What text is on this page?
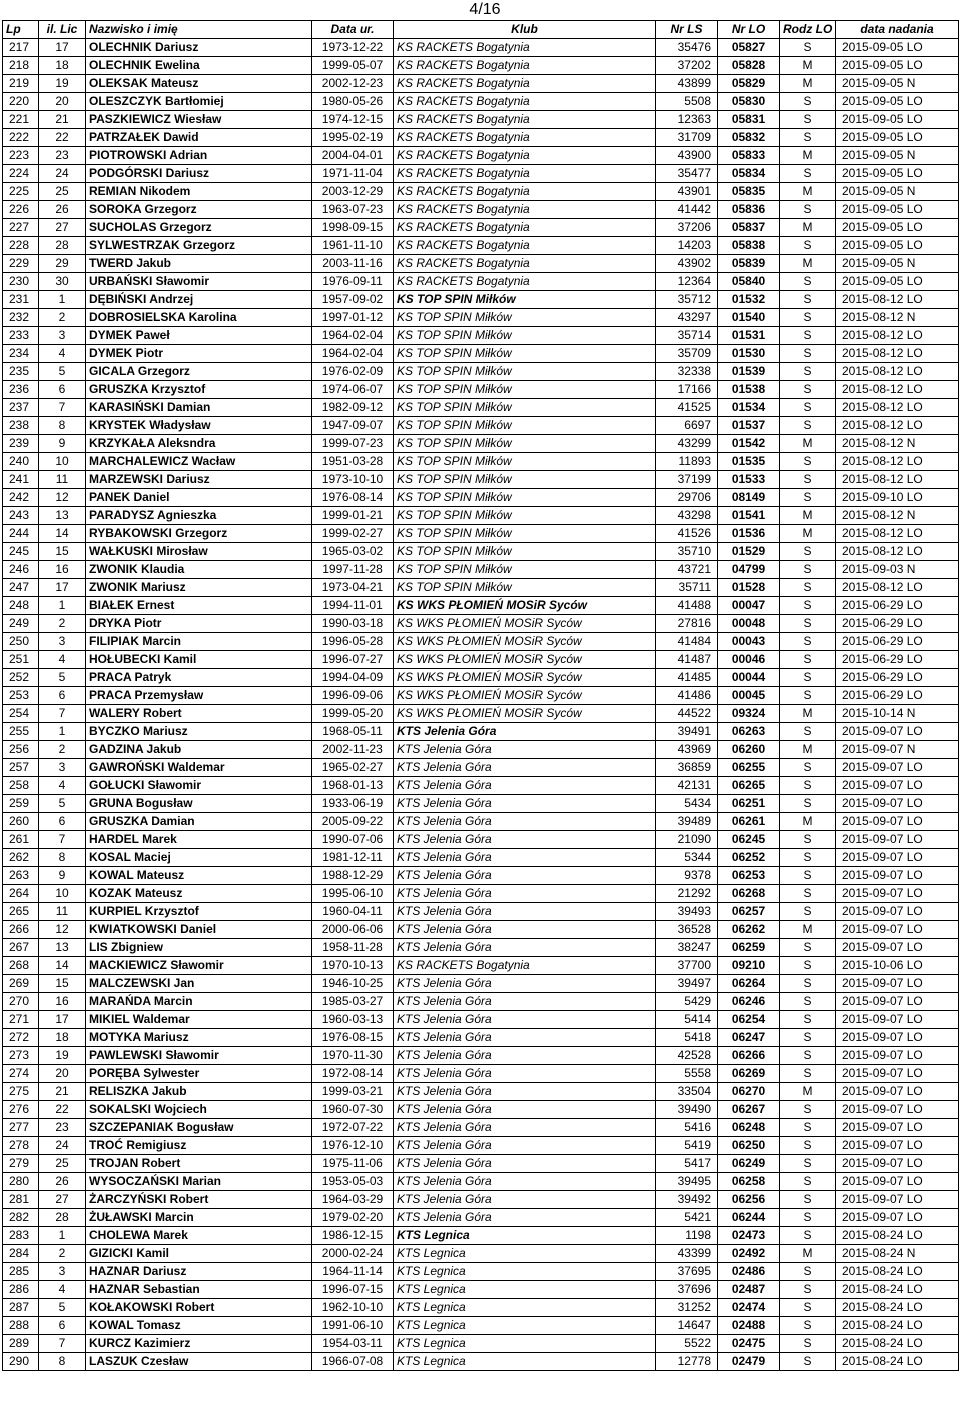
4/16
Lp	il. Lic	Nazwisko i imię	Data ur.	Klub	Nr LS	Nr LO	Rodz LO	data nadania
217	17	OLECHNIK Dariusz	1973-12-22	KS RACKETS Bogatynia	35476	05827	S	2015-09-05 LO
218	18	OLECHNIK Ewelina	1999-05-07	KS RACKETS Bogatynia	37202	05828	M	2015-09-05 LO
219	19	OLEKSAK Mateusz	2002-12-23	KS RACKETS Bogatynia	43899	05829	M	2015-09-05 N
220	20	OLESZCZYK Bartłomiej	1980-05-26	KS RACKETS Bogatynia	5508	05830	S	2015-09-05 LO
221	21	PASZKIEWICZ Wiesław	1974-12-15	KS RACKETS Bogatynia	12363	05831	S	2015-09-05 LO
222	22	PATRZAŁEK Dawid	1995-02-19	KS RACKETS Bogatynia	31709	05832	S	2015-09-05 LO
223	23	PIOTROWSKI Adrian	2004-04-01	KS RACKETS Bogatynia	43900	05833	M	2015-09-05 N
224	24	PODGÓRSKI Dariusz	1971-11-04	KS RACKETS Bogatynia	35477	05834	S	2015-09-05 LO
225	25	REMIAN Nikodem	2003-12-29	KS RACKETS Bogatynia	43901	05835	M	2015-09-05 N
226	26	SOROKA Grzegorz	1963-07-23	KS RACKETS Bogatynia	41442	05836	S	2015-09-05 LO
227	27	SUCHOLAS Grzegorz	1998-09-15	KS RACKETS Bogatynia	37206	05837	M	2015-09-05 LO
228	28	SYLWESTRZAK Grzegorz	1961-11-10	KS RACKETS Bogatynia	14203	05838	S	2015-09-05 LO
229	29	TWERD Jakub	2003-11-16	KS RACKETS Bogatynia	43902	05839	M	2015-09-05 N
230	30	URBAŃSKI Sławomir	1976-09-11	KS RACKETS Bogatynia	12364	05840	S	2015-09-05 LO
231	1	DĘBIŃSKI Andrzej	1957-09-02	KS TOP SPIN Miłków	35712	01532	S	2015-08-12 LO
232	2	DOBROSIELSKA Karolina	1997-01-12	KS TOP SPIN Miłków	43297	01540	S	2015-08-12 N
233	3	DYMEK Paweł	1964-02-04	KS TOP SPIN Miłków	35714	01531	S	2015-08-12 LO
234	4	DYMEK Piotr	1964-02-04	KS TOP SPIN Miłków	35709	01530	S	2015-08-12 LO
235	5	GICALA Grzegorz	1976-02-09	KS TOP SPIN Miłków	32338	01539	S	2015-08-12 LO
236	6	GRUSZKA Krzysztof	1974-06-07	KS TOP SPIN Miłków	17166	01538	S	2015-08-12 LO
237	7	KARASIŃSKI Damian	1982-09-12	KS TOP SPIN Miłków	41525	01534	S	2015-08-12 LO
238	8	KRYSTEK Władysław	1947-09-07	KS TOP SPIN Miłków	6697	01537	S	2015-08-12 LO
239	9	KRZYKAŁA Aleksndra	1999-07-23	KS TOP SPIN Miłków	43299	01542	M	2015-08-12 N
240	10	MARCHALEWICZ Wacław	1951-03-28	KS TOP SPIN Miłków	11893	01535	S	2015-08-12 LO
241	11	MARZEWSKI Dariusz	1973-10-10	KS TOP SPIN Miłków	37199	01533	S	2015-08-12 LO
242	12	PANEK Daniel	1976-08-14	KS TOP SPIN Miłków	29706	08149	S	2015-09-10 LO
243	13	PARADYSZ Agnieszka	1999-01-21	KS TOP SPIN Miłków	43298	01541	M	2015-08-12 N
244	14	RYBAKOWSKI Grzegorz	1999-02-27	KS TOP SPIN Miłków	41526	01536	M	2015-08-12 LO
245	15	WAŁKUSKI Mirosław	1965-03-02	KS TOP SPIN Miłków	35710	01529	S	2015-08-12 LO
246	16	ZWONIK Klaudia	1997-11-28	KS TOP SPIN Miłków	43721	04799	S	2015-09-03 N
247	17	ZWONIK Mariusz	1973-04-21	KS TOP SPIN Miłków	35711	01528	S	2015-08-12 LO
248	1	BIAŁEK Ernest	1994-11-01	KS WKS PŁOMIEŃ MOSiR Syców	41488	00047	S	2015-06-29 LO
249	2	DRYKA Piotr	1990-03-18	KS WKS PŁOMIEŃ MOSiR Syców	27816	00048	S	2015-06-29 LO
250	3	FILIPIAK Marcin	1996-05-28	KS WKS PŁOMIEŃ MOSiR Syców	41484	00043	S	2015-06-29 LO
251	4	HOŁUBECKI Kamil	1996-07-27	KS WKS PŁOMIEŃ MOSiR Syców	41487	00046	S	2015-06-29 LO
252	5	PRACA Patryk	1994-04-09	KS WKS PŁOMIEŃ MOSiR Syców	41485	00044	S	2015-06-29 LO
253	6	PRACA Przemysław	1996-09-06	KS WKS PŁOMIEŃ MOSiR Syców	41486	00045	S	2015-06-29 LO
254	7	WALERY Robert	1999-05-20	KS WKS PŁOMIEŃ MOSiR Syców	44522	09324	M	2015-10-14 N
255	1	BYCZKO Mariusz	1968-05-11	KTS Jelenia Góra	39491	06263	S	2015-09-07 LO
256	2	GADZINA Jakub	2002-11-23	KTS Jelenia Góra	43969	06260	M	2015-09-07 N
257	3	GAWROŃSKI Waldemar	1965-02-27	KTS Jelenia Góra	36859	06255	S	2015-09-07 LO
258	4	GOŁUCKI Sławomir	1968-01-13	KTS Jelenia Góra	42131	06265	S	2015-09-07 LO
259	5	GRUNA Bogusław	1933-06-19	KTS Jelenia Góra	5434	06251	S	2015-09-07 LO
260	6	GRUSZKA Damian	2005-09-22	KTS Jelenia Góra	39489	06261	M	2015-09-07 LO
261	7	HARDEL Marek	1990-07-06	KTS Jelenia Góra	21090	06245	S	2015-09-07 LO
262	8	KOSAL Maciej	1981-12-11	KTS Jelenia Góra	5344	06252	S	2015-09-07 LO
263	9	KOWAL Mateusz	1988-12-29	KTS Jelenia Góra	9378	06253	S	2015-09-07 LO
264	10	KOZAK Mateusz	1995-06-10	KTS Jelenia Góra	21292	06268	S	2015-09-07 LO
265	11	KURPIEL Krzysztof	1960-04-11	KTS Jelenia Góra	39493	06257	S	2015-09-07 LO
266	12	KWIATKOWSKI Daniel	2000-06-06	KTS Jelenia Góra	36528	06262	M	2015-09-07 LO
267	13	LIS Zbigniew	1958-11-28	KTS Jelenia Góra	38247	06259	S	2015-09-07 LO
268	14	MACKIEWICZ Sławomir	1970-10-13	KS RACKETS Bogatynia	37700	09210	S	2015-10-06 LO
269	15	MALCZEWSKI Jan	1946-10-25	KTS Jelenia Góra	39497	06264	S	2015-09-07 LO
270	16	MARAŃDA Marcin	1985-03-27	KTS Jelenia Góra	5429	06246	S	2015-09-07 LO
271	17	MIKIEL Waldemar	1960-03-13	KTS Jelenia Góra	5414	06254	S	2015-09-07 LO
272	18	MOTYKA Mariusz	1976-08-15	KTS Jelenia Góra	5418	06247	S	2015-09-07 LO
273	19	PAWLEWSKI Sławomir	1970-11-30	KTS Jelenia Góra	42528	06266	S	2015-09-07 LO
274	20	PORĘBA Sylwester	1972-08-14	KTS Jelenia Góra	5558	06269	S	2015-09-07 LO
275	21	RELISZKA Jakub	1999-03-21	KTS Jelenia Góra	33504	06270	M	2015-09-07 LO
276	22	SOKALSKI Wojciech	1960-07-30	KTS Jelenia Góra	39490	06267	S	2015-09-07 LO
277	23	SZCZEPANIAK Bogusław	1972-07-22	KTS Jelenia Góra	5416	06248	S	2015-09-07 LO
278	24	TROĆ Remigiusz	1976-12-10	KTS Jelenia Góra	5419	06250	S	2015-09-07 LO
279	25	TROJAN Robert	1975-11-06	KTS Jelenia Góra	5417	06249	S	2015-09-07 LO
280	26	WYSOCZAŃSKI Marian	1953-05-03	KTS Jelenia Góra	39495	06258	S	2015-09-07 LO
281	27	ŻARCZYŃSKI Robert	1964-03-29	KTS Jelenia Góra	39492	06256	S	2015-09-07 LO
282	28	ŻUŁAWSKI Marcin	1979-02-20	KTS Jelenia Góra	5421	06244	S	2015-09-07 LO
283	1	CHOLEWA Marek	1986-12-15	KTS Legnica	1198	02473	S	2015-08-24 LO
284	2	GIZICKI Kamil	2000-02-24	KTS Legnica	43399	02492	M	2015-08-24 N
285	3	HAZNAR Dariusz	1964-11-14	KTS Legnica	37695	02486	S	2015-08-24 LO
286	4	HAZNAR Sebastian	1996-07-15	KTS Legnica	37696	02487	S	2015-08-24 LO
287	5	KOŁAKOWSKI Robert	1962-10-10	KTS Legnica	31252	02474	S	2015-08-24 LO
288	6	KOWAL Tomasz	1991-06-10	KTS Legnica	14647	02488	S	2015-08-24 LO
289	7	KURCZ Kazimierz	1954-03-11	KTS Legnica	5522	02475	S	2015-08-24 LO
290	8	LASZUK Czesław	1966-07-08	KTS Legnica	12778	02479	S	2015-08-24 LO
